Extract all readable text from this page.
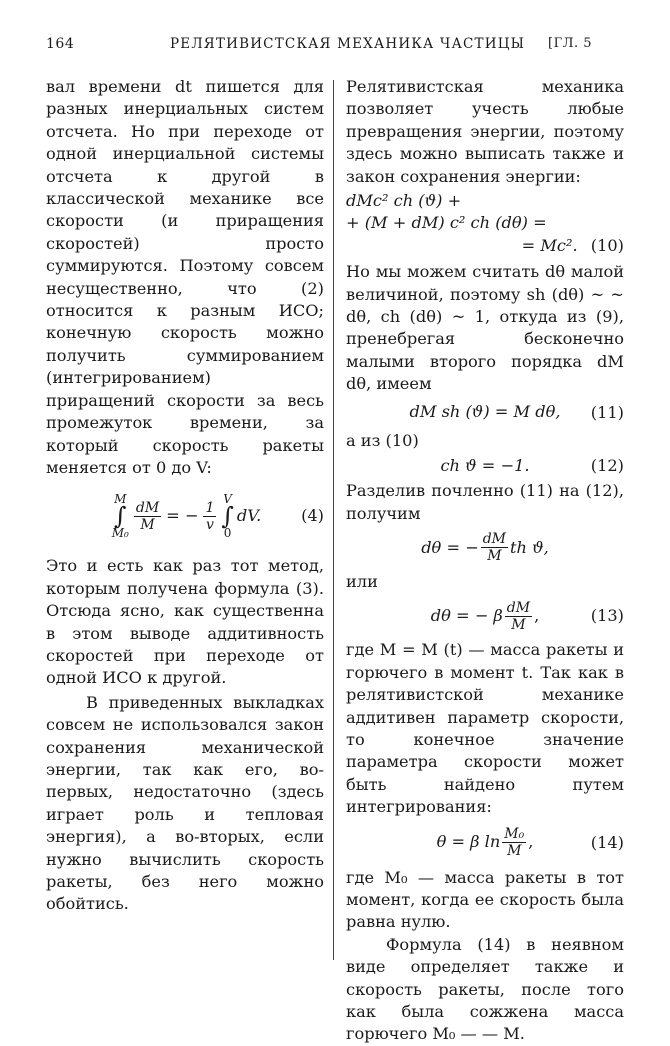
164	РЕЛЯТИВИСТСКАЯ МЕХАНИКА ЧАСТИЦЫ [ГЛ. 5

вал времени dt пишется для разных инерциальных систем отсчета. Но при переходе от одной инерциальной системы отсчета к другой в классической механике все скорости (и приращения скоростей) просто суммируются. Поэтому совсем несущественно, что (2) относится к разным ИСО; конечную скорость можно получить суммированием (интегрированием) приращений скорости за весь промежуток времени, за который скорость ракеты меняется от 0 до V:

M
∫
M₀
$\frac{dM}{M}$ = − $\frac{1}{v}$
V
∫
0
dV. (4)

Это и есть как раз тот метод, которым получена формула (3). Отсюда ясно, как существенна в этом выводе аддитивность скоростей при переходе от одной ИСО к другой.

В приведенных выкладках совсем не использовался закон сохранения механической энергии, так как его, во-первых, недостаточно (здесь играет роль и тепловая энергия), а во-вторых, если нужно вычислить скорость ракеты, без него можно обойтись.

Релятивистская механика позволяет учесть любые превращения энергии, поэтому здесь можно выписать также и закон сохранения энергии:

dMc² ch (ϑ) +
+ (M + dM) c² ch (dθ) =
= Mc². (10)

Но мы можем считать dθ малой величиной, поэтому sh (dθ) ~ ~ dθ, ch (dθ) ~ 1, откуда из (9), пренебрегая бесконечно малыми второго порядка dM dθ, имеем

dM sh (ϑ) = M dθ, (11)
а из (10)
ch ϑ = −1.	(12)

Разделив почленно (11) на (12), получим

dθ = − $\frac{dM}{M}$ th ϑ,
или
dθ = − β $\frac{dM}{M}$ ,	(13)

где M = M (t) — масса ракеты и горючего в момент t. Так как в релятивистской механике аддитивен параметр скорости, то конечное значение параметра скорости может быть найдено путем интегрирования:

θ = β $\ln \frac{\text{M₀}}{M}$ ,	(14)

где M₀ — масса ракеты в тот момент, когда ее скорость была равна нулю.

Формула (14) в неявном виде определяет также и скорость ракеты, после того как была сожжена масса горючего M₀ — — M.
